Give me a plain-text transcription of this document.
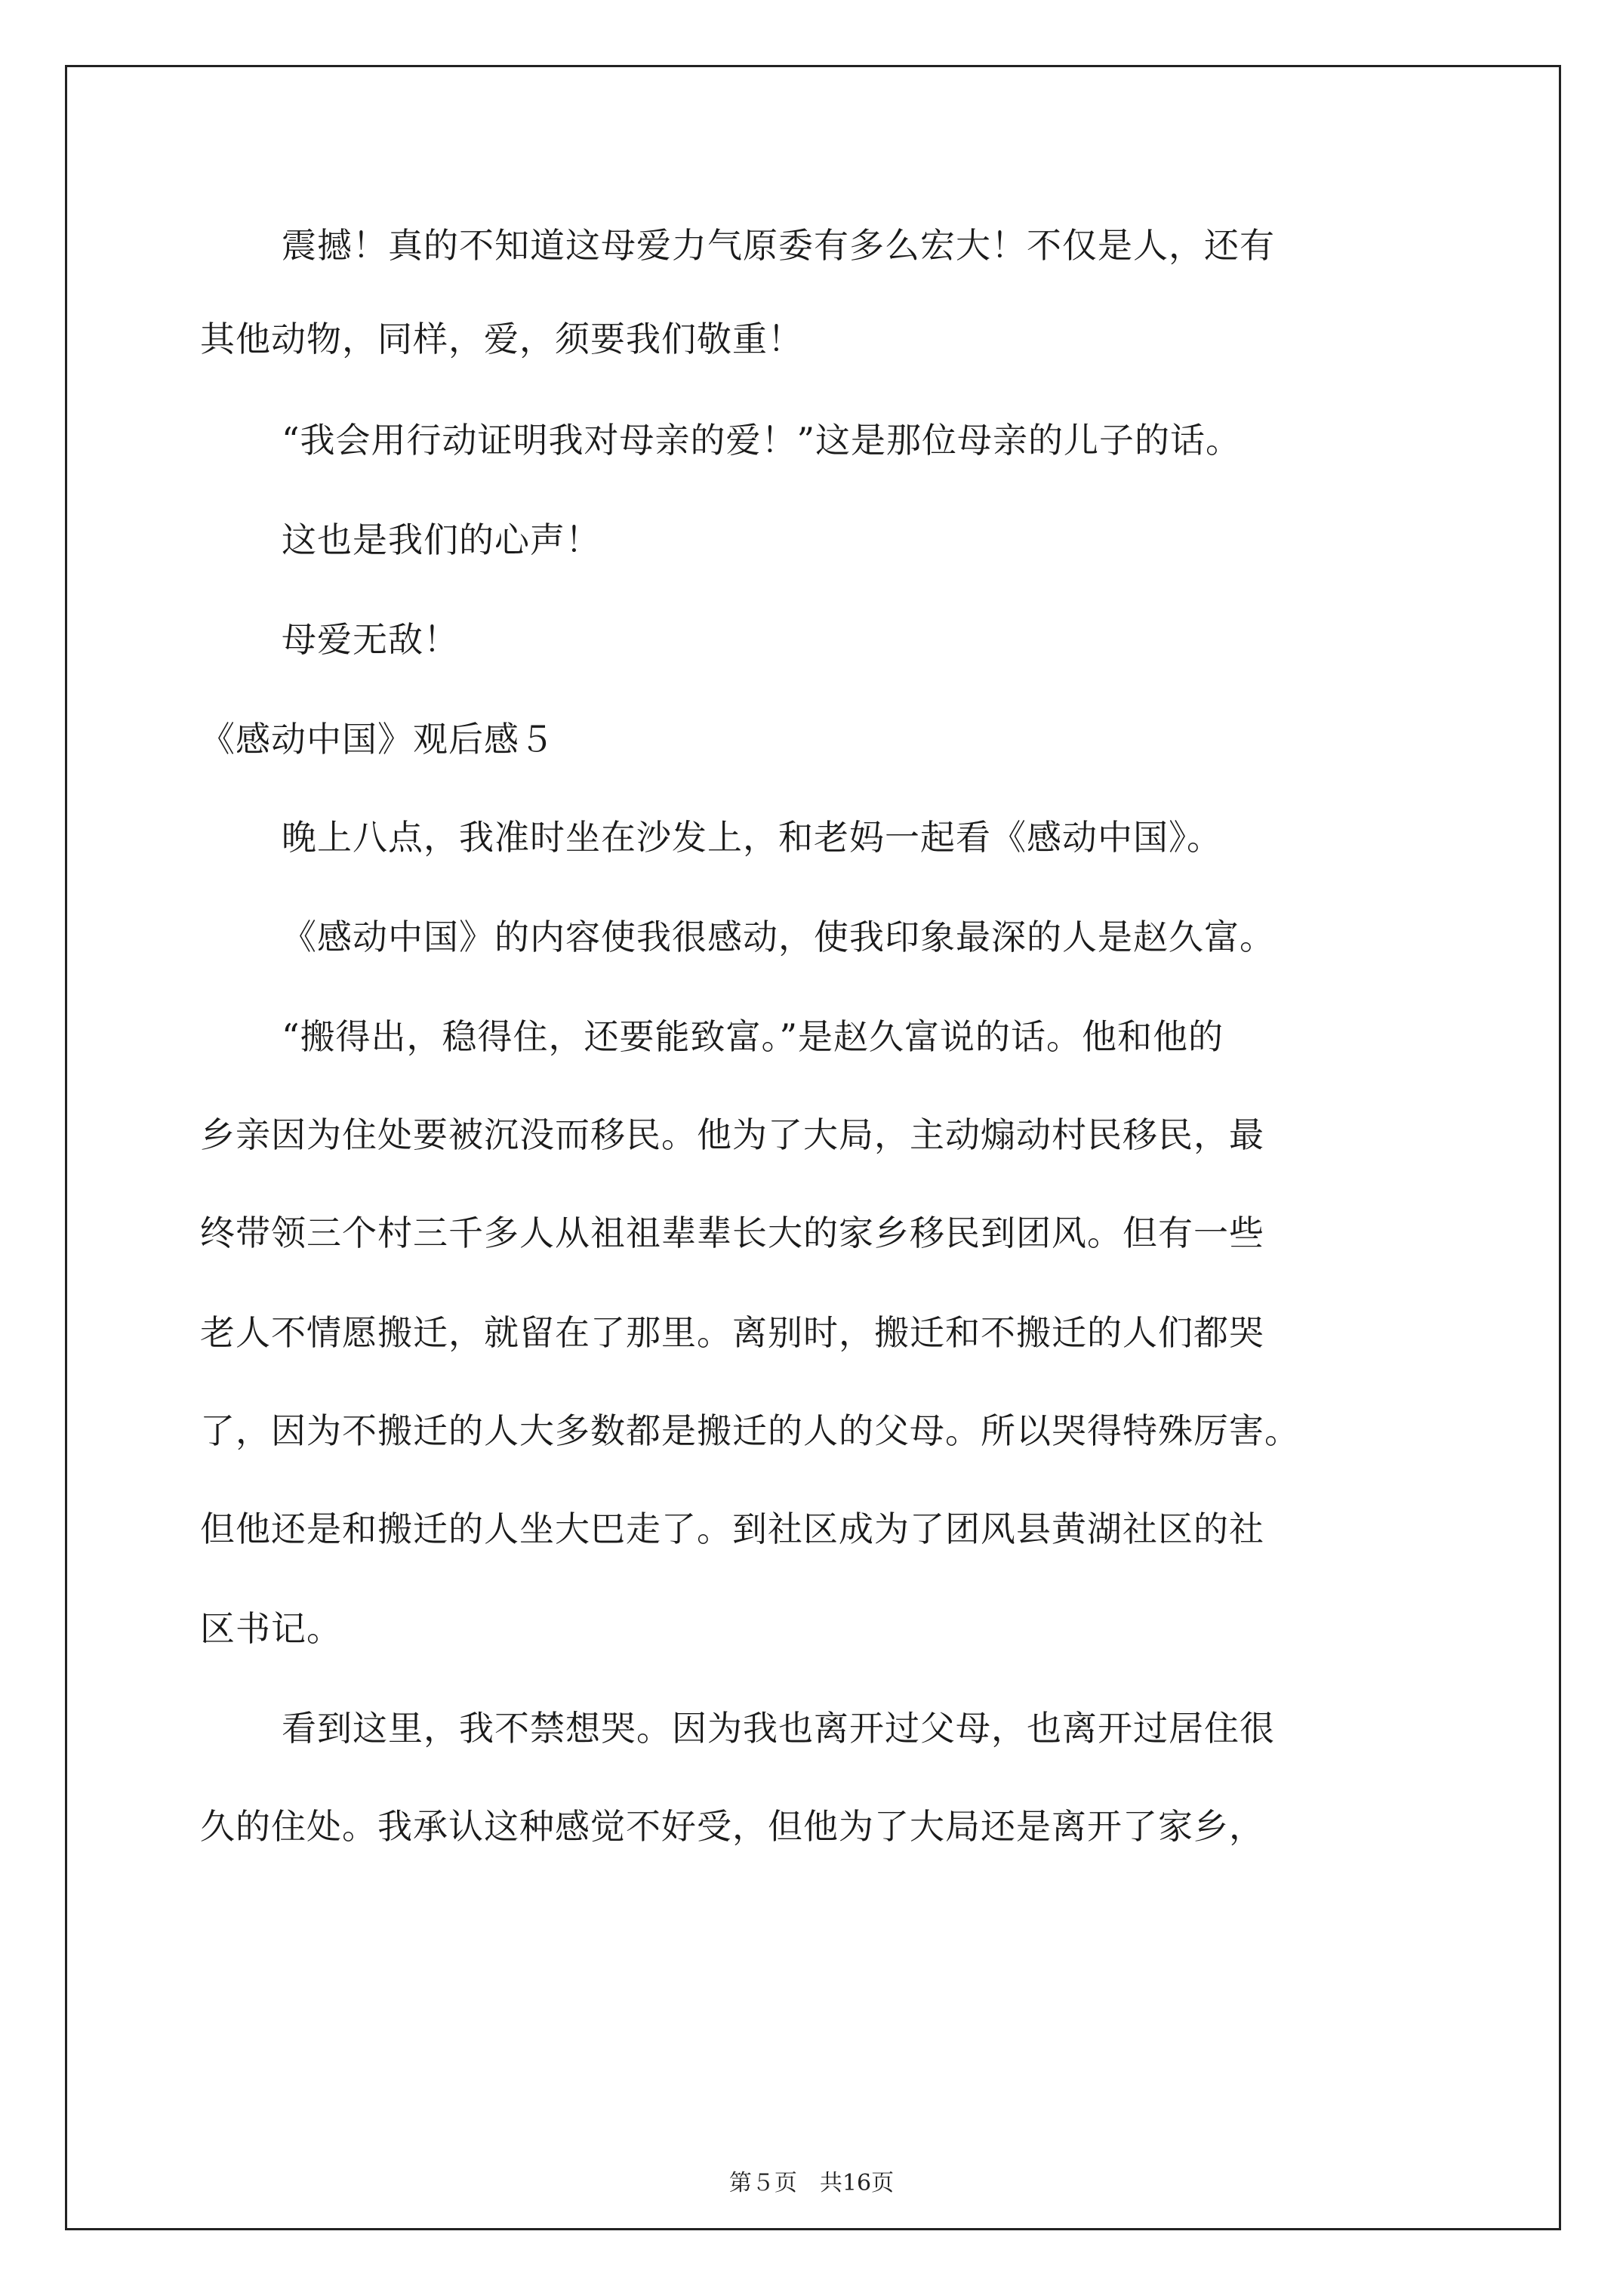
震撼！真的不知道这母爱力气原委有多么宏大！不仅是人，还有
其他动物，同样，爱，须要我们敬重！
“我会用行动证明我对母亲的爱！”这是那位母亲的儿子的话。
这也是我们的心声！
母爱无敌！
《感动中国》观后感５
晚上八点，我准时坐在沙发上，和老妈一起看《感动中国》。
《感动中国》的内容使我很感动，使我印象最深的人是赵久富。
“搬得出，稳得住，还要能致富。”是赵久富说的话。他和他的
乡亲因为住处要被沉没而移民。他为了大局，主动煽动村民移民，最
终带领三个村三千多人从祖祖辈辈长大的家乡移民到团风。但有一些
老人不情愿搬迁，就留在了那里。离别时，搬迁和不搬迁的人们都哭
了，因为不搬迁的人大多数都是搬迁的人的父母。所以哭得特殊厉害。
但他还是和搬迁的人坐大巴走了。到社区成为了团风县黄湖社区的社
区书记。
看到这里，我不禁想哭。因为我也离开过父母，也离开过居住很
久的住处。我承认这种感觉不好受，但他为了大局还是离开了家乡，
第５页　共16页
